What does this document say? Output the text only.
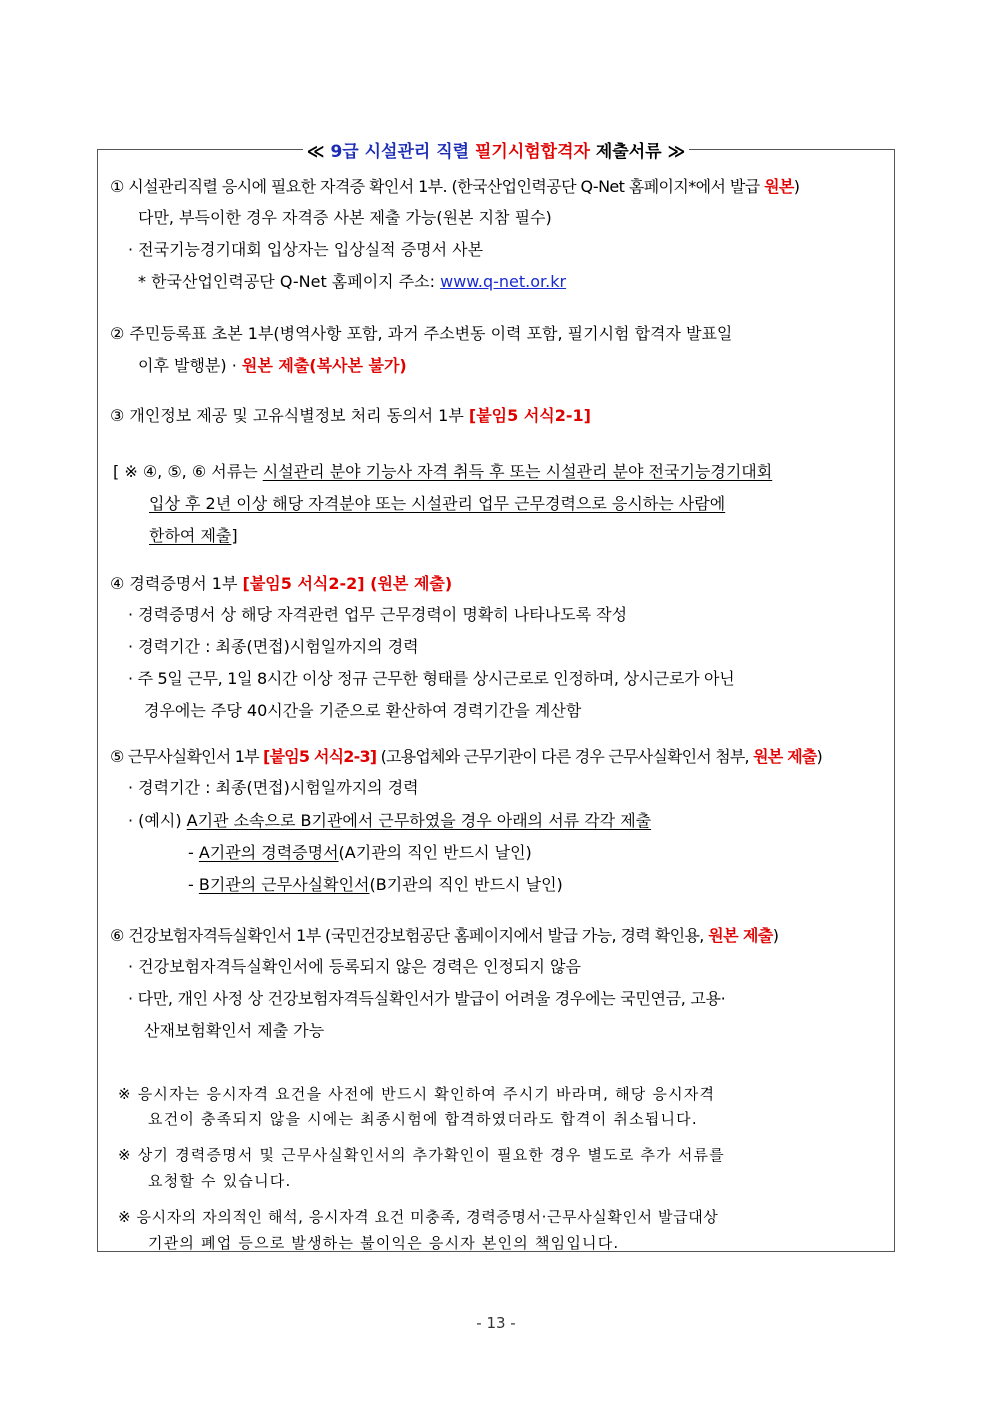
≪ 9급 시설관리 직렬 필기시험합격자 제출서류 ≫
① 시설관리직렬 응시에 필요한 자격증 확인서 1부. (한국산업인력공단 Q-Net 홈페이지*에서 발급 원본)
다만, 부득이한 경우 자격증 사본 제출 가능(원본 지참 필수)
· 전국기능경기대회 입상자는 입상실적 증명서 사본
* 한국산업인력공단 Q-Net 홈페이지 주소: www.q-net.or.kr
② 주민등록표 초본 1부(병역사항 포함, 과거 주소변동 이력 포함, 필기시험 합격자 발표일
이후 발행분) · 원본 제출(복사본 불가)
③ 개인정보 제공 및 고유식별정보 처리 동의서 1부 [붙임5 서식2-1]
[ ※ ④, ⑤, ⑥ 서류는 시설관리 분야 기능사 자격 취득 후 또는 시설관리 분야 전국기능경기대회
입상 후 2년 이상 해당 자격분야 또는 시설관리 업무 근무경력으로 응시하는 사람에
한하여 제출]
④ 경력증명서 1부 [붙임5 서식2-2] (원본 제출)
· 경력증명서 상 해당 자격관련 업무 근무경력이 명확히 나타나도록 작성
· 경력기간 : 최종(면접)시험일까지의 경력
· 주 5일 근무, 1일 8시간 이상 정규 근무한 형태를 상시근로로 인정하며, 상시근로가 아닌
경우에는 주당 40시간을 기준으로 환산하여 경력기간을 계산함
⑤ 근무사실확인서 1부 [붙임5 서식2-3] (고용업체와 근무기관이 다른 경우 근무사실확인서 첨부, 원본 제출)
· 경력기간 : 최종(면접)시험일까지의 경력
· (예시) A기관 소속으로 B기관에서 근무하였을 경우 아래의 서류 각각 제출
- A기관의 경력증명서(A기관의 직인 반드시 날인)
- B기관의 근무사실확인서(B기관의 직인 반드시 날인)
⑥ 건강보험자격득실확인서 1부 (국민건강보험공단 홈페이지에서 발급 가능, 경력 확인용, 원본 제출)
· 건강보험자격득실확인서에 등록되지 않은 경력은 인정되지 않음
· 다만, 개인 사정 상 건강보험자격득실확인서가 발급이 어려울 경우에는 국민연금, 고용·
산재보험확인서 제출 가능
※ 응시자는 응시자격 요건을 사전에 반드시 확인하여 주시기 바라며, 해당 응시자격
요건이 충족되지 않을 시에는 최종시험에 합격하였더라도 합격이 취소됩니다.
※ 상기 경력증명서 및 근무사실확인서의 추가확인이 필요한 경우 별도로 추가 서류를
요청할 수 있습니다.
※ 응시자의 자의적인 해석, 응시자격 요건 미충족, 경력증명서·근무사실확인서 발급대상
기관의 폐업 등으로 발생하는 불이익은 응시자 본인의 책임입니다.
- 13 -
